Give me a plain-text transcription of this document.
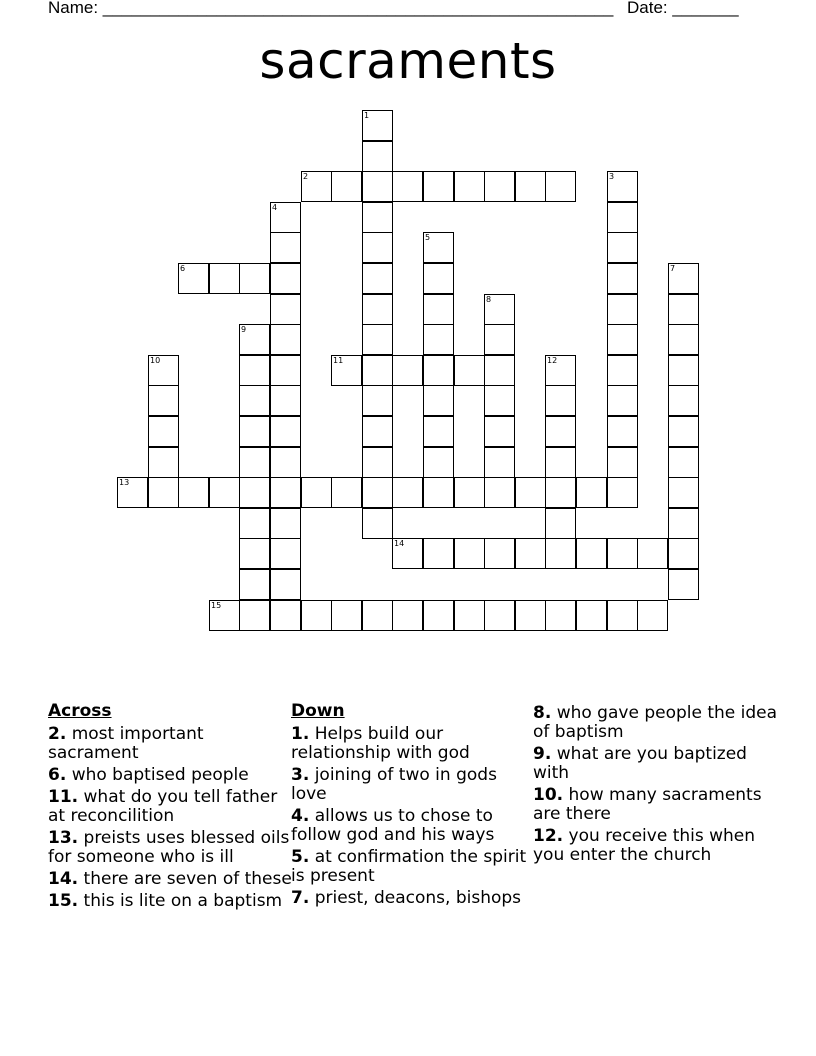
Name: ______________________________________________________ Date: _______
sacraments
1
2	3
4
5
6	7
8
9
10	11	12
13
14
15
Across
2. most important sacrament
6. who baptised people
11. what do you tell father at reconcilition
13. preists uses blessed oils for someone who is ill
14. there are seven of these
15. this is lite on a baptism
Down
1. Helps build our relationship with god
3. joining of two in gods love
4. allows us to chose to follow god and his ways
5. at confirmation the spirit is present
7. priest, deacons, bishops
8. who gave people the idea of baptism
9. what are you baptized with
10. how many sacraments are there
12. you receive this when you enter the church
